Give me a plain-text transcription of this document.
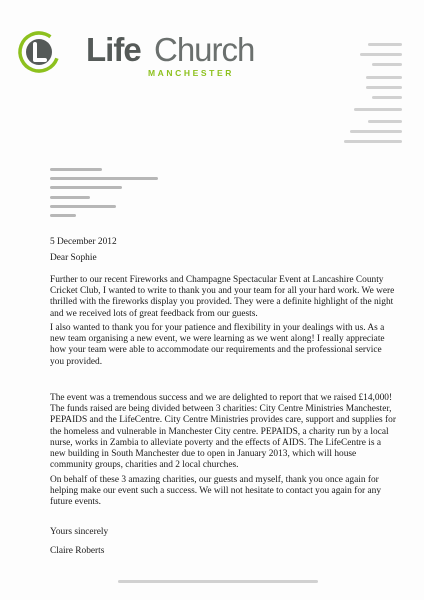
Life Church
MANCHESTER
5 December 2012
Dear Sophie

Further to our recent Fireworks and Champagne Spectacular Event at Lancashire County Cricket Club, I wanted to write to thank you and your team for all your hard work. We were thrilled with the fireworks display you provided. They were a definite highlight of the night and we received lots of great feedback from our guests.

I also wanted to thank you for your patience and flexibility in your dealings with us. As a new team organising a new event, we were learning as we went along! I really appreciate how your team were able to accommodate our requirements and the professional service you provided.

The event was a tremendous success and we are delighted to report that we raised £14,000! The funds raised are being divided between 3 charities: City Centre Ministries Manchester, PEPAIDS and the LifeCentre. City Centre Ministries provides care, support and supplies for the homeless and vulnerable in Manchester City centre. PEPAIDS, a charity run by a local nurse, works in Zambia to alleviate poverty and the effects of AIDS. The LifeCentre is a new building in South Manchester due to open in January 2013, which will house community groups, charities and 2 local churches.

On behalf of these 3 amazing charities, our guests and myself, thank you once again for helping make our event such a success. We will not hesitate to contact you again for any future events.

Yours sincerely
Claire Roberts
